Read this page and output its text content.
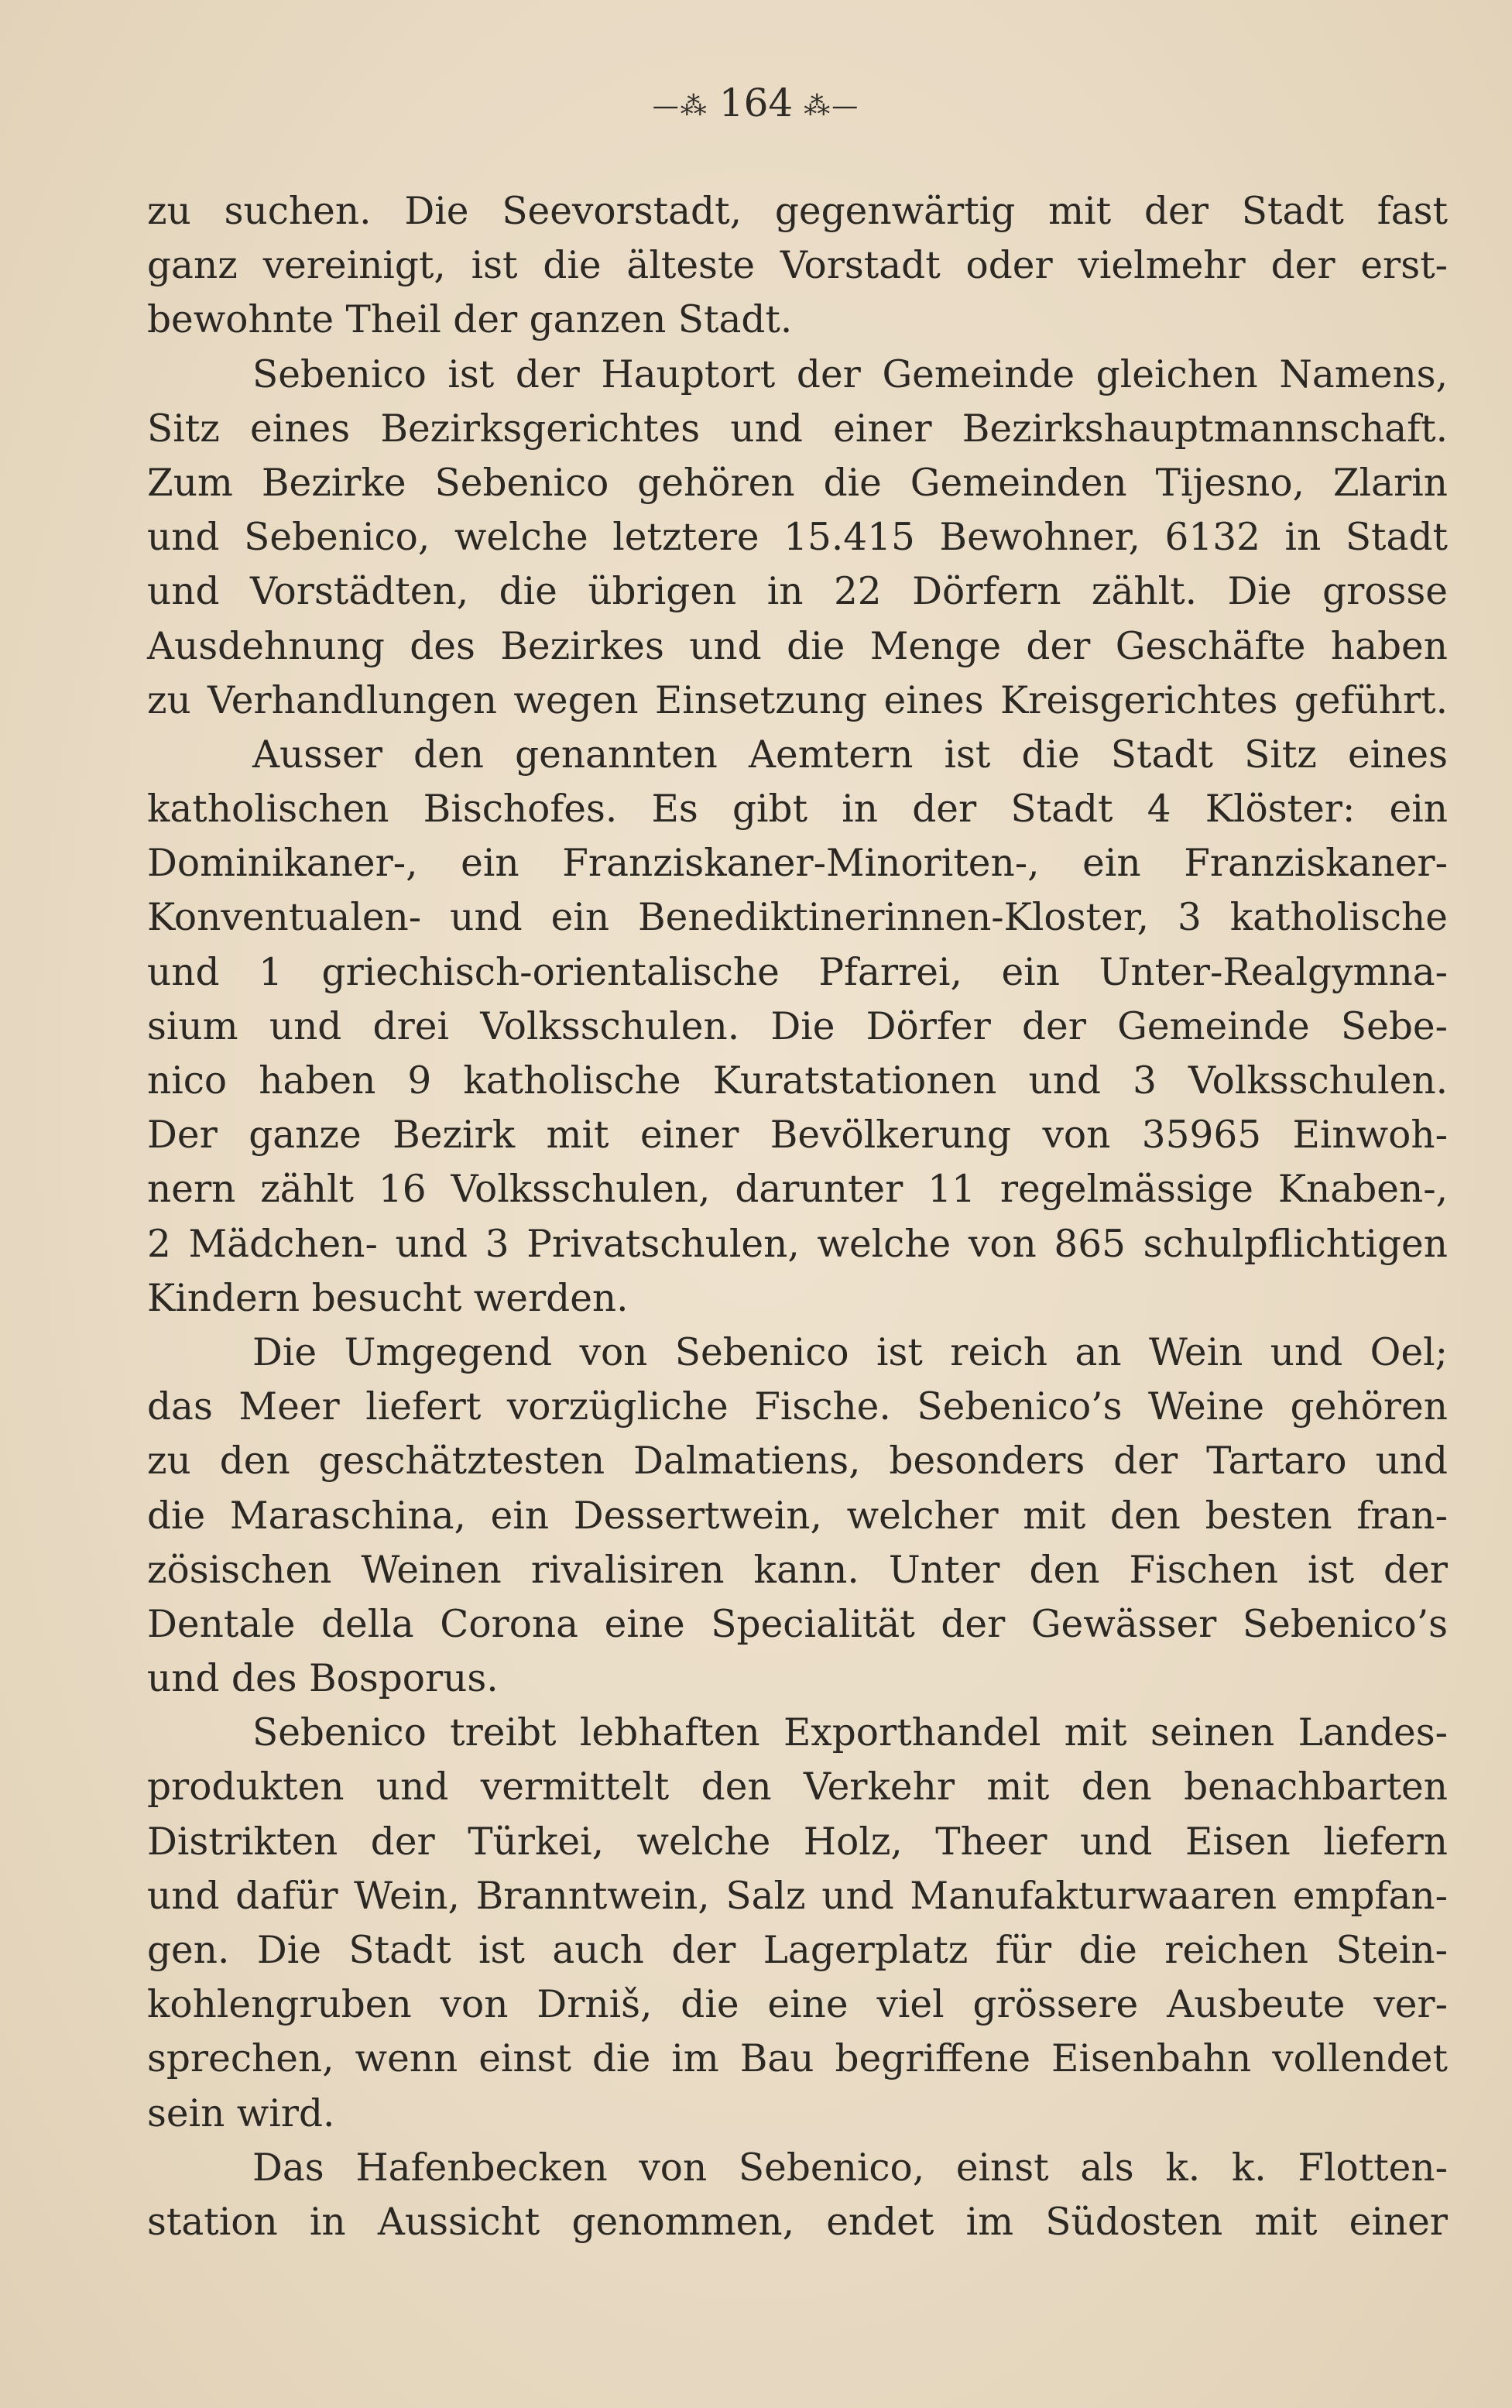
—⁂ 164 ⁂—
zu suchen. Die Seevorstadt, gegenwärtig mit der Stadt fast
ganz vereinigt, ist die älteste Vorstadt oder vielmehr der erst-
bewohnte Theil der ganzen Stadt.
Sebenico ist der Hauptort der Gemeinde gleichen Namens,
Sitz eines Bezirksgerichtes und einer Bezirkshauptmannschaft.
Zum Bezirke Sebenico gehören die Gemeinden Tijesno, Zlarin
und Sebenico, welche letztere 15.415 Bewohner, 6132 in Stadt
und Vorstädten, die übrigen in 22 Dörfern zählt. Die grosse
Ausdehnung des Bezirkes und die Menge der Geschäfte haben
zu Verhandlungen wegen Einsetzung eines Kreisgerichtes geführt.
Ausser den genannten Aemtern ist die Stadt Sitz eines
katholischen Bischofes. Es gibt in der Stadt 4 Klöster: ein
Dominikaner-, ein Franziskaner-Minoriten-, ein Franziskaner-
Konventualen- und ein Benediktinerinnen-Kloster, 3 katholische
und 1 griechisch-orientalische Pfarrei, ein Unter-Realgymna-
sium und drei Volksschulen. Die Dörfer der Gemeinde Sebe-
nico haben 9 katholische Kuratstationen und 3 Volksschulen.
Der ganze Bezirk mit einer Bevölkerung von 35965 Einwoh-
nern zählt 16 Volksschulen, darunter 11 regelmässige Knaben-,
2 Mädchen- und 3 Privatschulen, welche von 865 schulpflichtigen
Kindern besucht werden.
Die Umgegend von Sebenico ist reich an Wein und Oel;
das Meer liefert vorzügliche Fische. Sebenico’s Weine gehören
zu den geschätztesten Dalmatiens, besonders der Tartaro und
die Maraschina, ein Dessertwein, welcher mit den besten fran-
zösischen Weinen rivalisiren kann. Unter den Fischen ist der
Dentale della Corona eine Specialität der Gewässer Sebenico’s
und des Bosporus.
Sebenico treibt lebhaften Exporthandel mit seinen Landes-
produkten und vermittelt den Verkehr mit den benachbarten
Distrikten der Türkei, welche Holz, Theer und Eisen liefern
und dafür Wein, Branntwein, Salz und Manufakturwaaren empfan-
gen. Die Stadt ist auch der Lagerplatz für die reichen Stein-
kohlengruben von Drniš, die eine viel grössere Ausbeute ver-
sprechen, wenn einst die im Bau begriffene Eisenbahn vollendet
sein wird.
Das Hafenbecken von Sebenico, einst als k. k. Flotten-
station in Aussicht genommen, endet im Südosten mit einer
